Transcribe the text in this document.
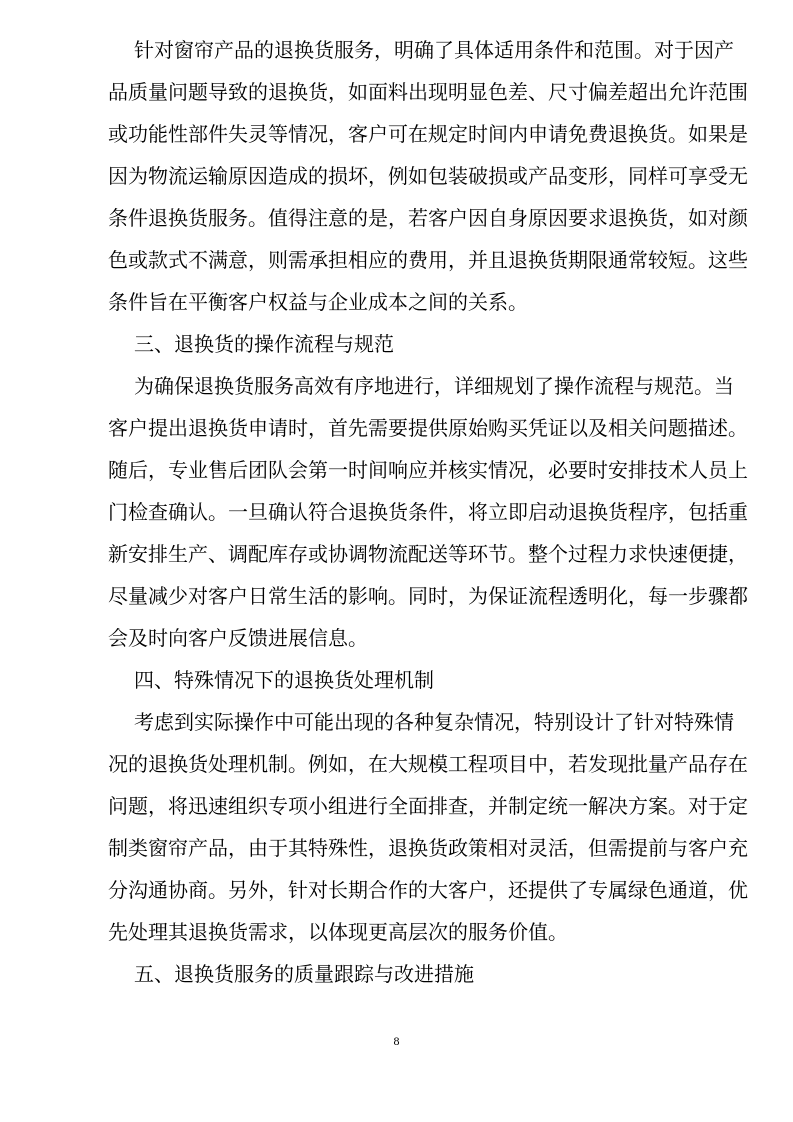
针对窗帘产品的退换货服务，明确了具体适用条件和范围。对于因产
品质量问题导致的退换货，如面料出现明显色差、尺寸偏差超出允许范围
或功能性部件失灵等情况，客户可在规定时间内申请免费退换货。如果是
因为物流运输原因造成的损坏，例如包装破损或产品变形，同样可享受无
条件退换货服务。值得注意的是，若客户因自身原因要求退换货，如对颜
色或款式不满意，则需承担相应的费用，并且退换货期限通常较短。这些
条件旨在平衡客户权益与企业成本之间的关系。
三、退换货的操作流程与规范
为确保退换货服务高效有序地进行，详细规划了操作流程与规范。当
客户提出退换货申请时，首先需要提供原始购买凭证以及相关问题描述。
随后，专业售后团队会第一时间响应并核实情况，必要时安排技术人员上
门检查确认。一旦确认符合退换货条件，将立即启动退换货程序，包括重
新安排生产、调配库存或协调物流配送等环节。整个过程力求快速便捷，
尽量减少对客户日常生活的影响。同时，为保证流程透明化，每一步骤都
会及时向客户反馈进展信息。
四、特殊情况下的退换货处理机制
考虑到实际操作中可能出现的各种复杂情况，特别设计了针对特殊情
况的退换货处理机制。例如，在大规模工程项目中，若发现批量产品存在
问题，将迅速组织专项小组进行全面排查，并制定统一解决方案。对于定
制类窗帘产品，由于其特殊性，退换货政策相对灵活，但需提前与客户充
分沟通协商。另外，针对长期合作的大客户，还提供了专属绿色通道，优
先处理其退换货需求，以体现更高层次的服务价值。
五、退换货服务的质量跟踪与改进措施
8
